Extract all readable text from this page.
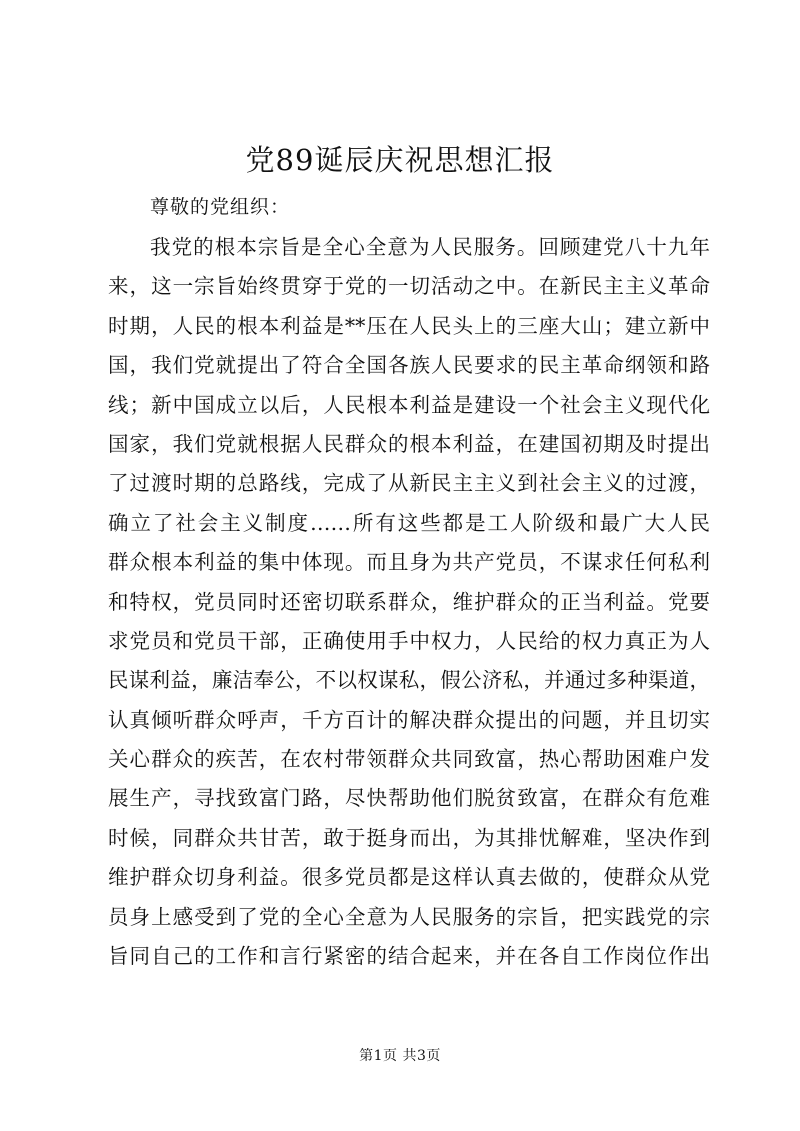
党89诞辰庆祝思想汇报
尊敬的党组织：
我党的根本宗旨是全心全意为人民服务。回顾建党八十九年
来，这一宗旨始终贯穿于党的一切活动之中。在新民主主义革命
时期，人民的根本利益是**压在人民头上的三座大山；建立新中
国，我们党就提出了符合全国各族人民要求的民主革命纲领和路
线；新中国成立以后，人民根本利益是建设一个社会主义现代化
国家，我们党就根据人民群众的根本利益，在建国初期及时提出
了过渡时期的总路线，完成了从新民主主义到社会主义的过渡，
确立了社会主义制度……所有这些都是工人阶级和最广大人民
群众根本利益的集中体现。而且身为共产党员，不谋求任何私利
和特权，党员同时还密切联系群众，维护群众的正当利益。党要
求党员和党员干部，正确使用手中权力，人民给的权力真正为人
民谋利益，廉洁奉公，不以权谋私，假公济私，并通过多种渠道，
认真倾听群众呼声，千方百计的解决群众提出的问题，并且切实
关心群众的疾苦，在农村带领群众共同致富，热心帮助困难户发
展生产，寻找致富门路，尽快帮助他们脱贫致富，在群众有危难
时候，同群众共甘苦，敢于挺身而出，为其排忧解难，坚决作到
维护群众切身利益。很多党员都是这样认真去做的，使群众从党
员身上感受到了党的全心全意为人民服务的宗旨，把实践党的宗
旨同自己的工作和言行紧密的结合起来，并在各自工作岗位作出
第1页 共3页
